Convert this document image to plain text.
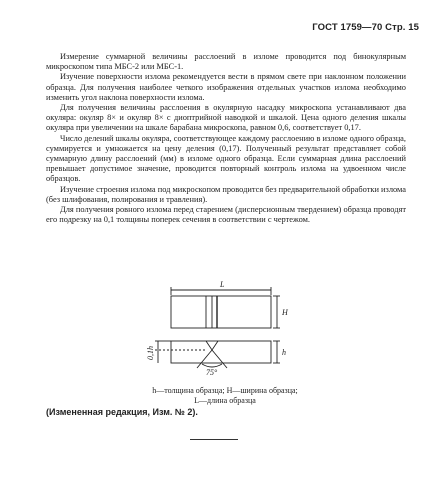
ГОСТ 1759—70 Стр. 15

Измерение суммарной величины расслоений в изломе проводится под бинокулярным микроскопом типа МБС-2 или МБС-1.

Изучение поверхности излома рекомендуется вести в прямом свете при наклонном положении образца. Для получения наиболее четкого изображения отдельных участков излома необходимо изменить угол наклона поверхности излома.

Для получения величины расслоения в окулярную насадку микроскопа устанавливают два окуляра: окуляр 8× и окуляр 8× с диоптрийной наводкой и шкалой. Цена одного деления шкалы окуляра при увеличении на шкале барабана микроскопа, равном 0,6, соответствует 0,17.

Число делений шкалы окуляра, соответствующее каждому расслоению в изломе одного образца, суммируется и умножается на цену деления (0,17). Полученный результат представляет собой суммарную длину расслоений (мм) в изломе одного образца. Если суммарная длина расслоений превышает допустимое значение, проводится повторный контроль излома на удвоенном числе образцов.

Изучение строения излома под микроскопом проводится без предварительной обработки излома (без шлифования, полирования и травления).

Для получения ровного излома перед старением (дисперсионным твердением) образца проводят его подрезку на 0,1 толщины поперек сечения в соответствии с чертежом.

L
H
h
75°
0,1h
h—толщина образца; H—ширина образца;
L—длина образца
(Измененная редакция, Изм. № 2).
